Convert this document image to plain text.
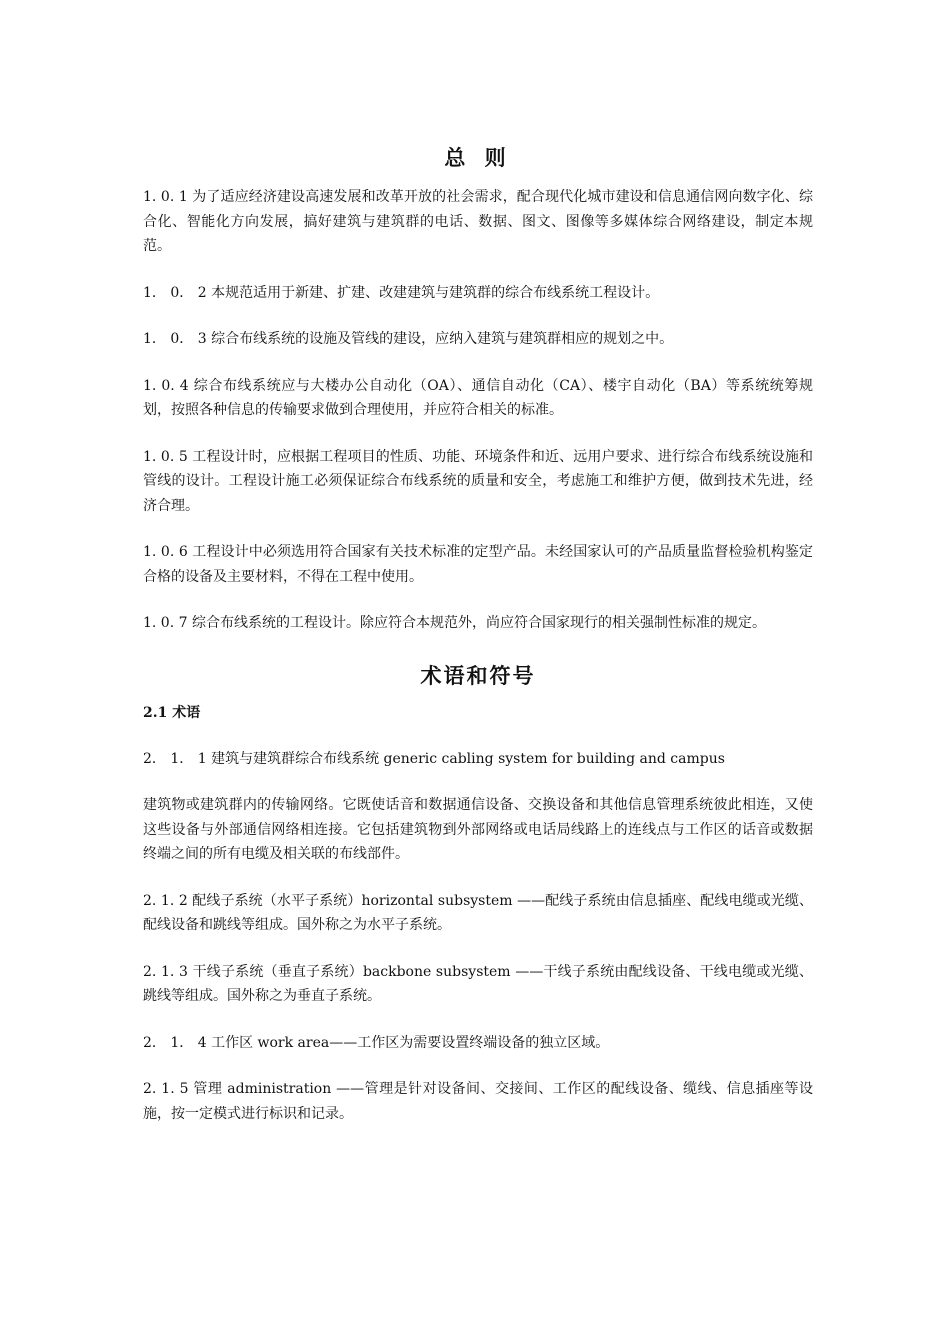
总 则

1. 0. 1 为了适应经济建设高速发展和改革开放的社会需求，配合现代化城市建设和信息通信网向数字化、综合化、智能化方向发展，搞好建筑与建筑群的电话、数据、图文、图像等多媒体综合网络建设，制定本规范。

1． 0． 2 本规范适用于新建、扩建、改建建筑与建筑群的综合布线系统工程设计。

1． 0． 3 综合布线系统的设施及管线的建设，应纳入建筑与建筑群相应的规划之中。

1. 0. 4 综合布线系统应与大楼办公自动化（OA）、通信自动化（CA）、楼宇自动化（BA）等系统统筹规划，按照各种信息的传输要求做到合理使用，并应符合相关的标准。

1. 0. 5 工程设计时，应根据工程项目的性质、功能、环境条件和近、远用户要求、进行综合布线系统设施和管线的设计。工程设计施工必须保证综合布线系统的质量和安全，考虑施工和维护方便，做到技术先进，经济合理。

1. 0. 6 工程设计中必须选用符合国家有关技术标准的定型产品。未经国家认可的产品质量监督检验机构鉴定合格的设备及主要材料，不得在工程中使用。

1. 0. 7 综合布线系统的工程设计。除应符合本规范外，尚应符合国家现行的相关强制性标准的规定。

术语和符号
2.1 术语

2． 1． 1 建筑与建筑群综合布线系统 generic cabling system for building and campus

建筑物或建筑群内的传输网络。它既使话音和数据通信设备、交换设备和其他信息管理系统彼此相连，又使这些设备与外部通信网络相连接。它包括建筑物到外部网络或电话局线路上的连线点与工作区的话音或数据终端之间的所有电缆及相关联的布线部件。

2. 1. 2 配线子系统（水平子系统）horizontal subsystem ——配线子系统由信息插座、配线电缆或光缆、配线设备和跳线等组成。国外称之为水平子系统。

2. 1. 3 干线子系统（垂直子系统）backbone subsystem ——干线子系统由配线设备、干线电缆或光缆、跳线等组成。国外称之为垂直子系统。

2． 1． 4 工作区 work area——工作区为需要设置终端设备的独立区域。

2. 1. 5 管理 administration ——管理是针对设备间、交接间、工作区的配线设备、缆线、信息插座等设施，按一定模式进行标识和记录。
